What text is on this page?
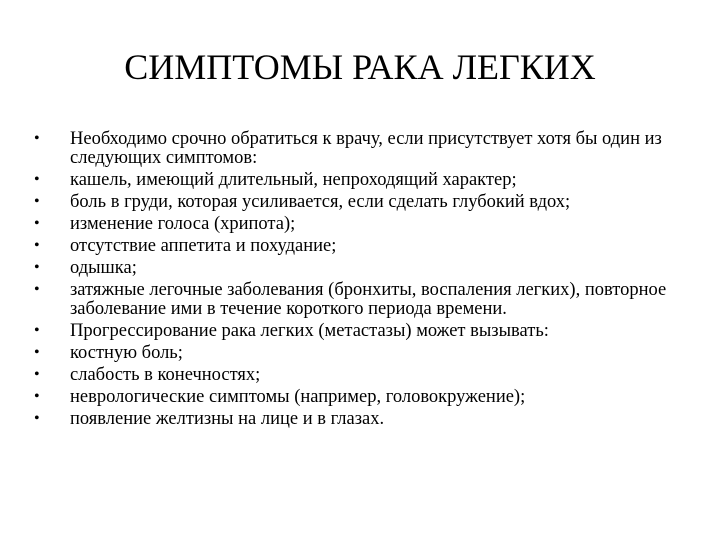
СИМПТОМЫ РАКА ЛЕГКИХ
•	Необходимо срочно обратиться к врачу, если присутствует хотя бы один из следующих симптомов:
•	кашель, имеющий длительный, непроходящий характер;
•	боль в груди, которая усиливается, если сделать глубокий вдох;
•	изменение голоса (хрипота);
•	отсутствие аппетита и похудание;
•	одышка;
•	затяжные легочные заболевания (бронхиты, воспаления легких), повторное заболевание ими в течение короткого периода времени.
•	Прогрессирование рака легких (метастазы) может вызывать:
•	костную боль;
•	слабость в конечностях;
•	неврологические симптомы (например, головокружение);
•	появление желтизны на лице и в глазах.
